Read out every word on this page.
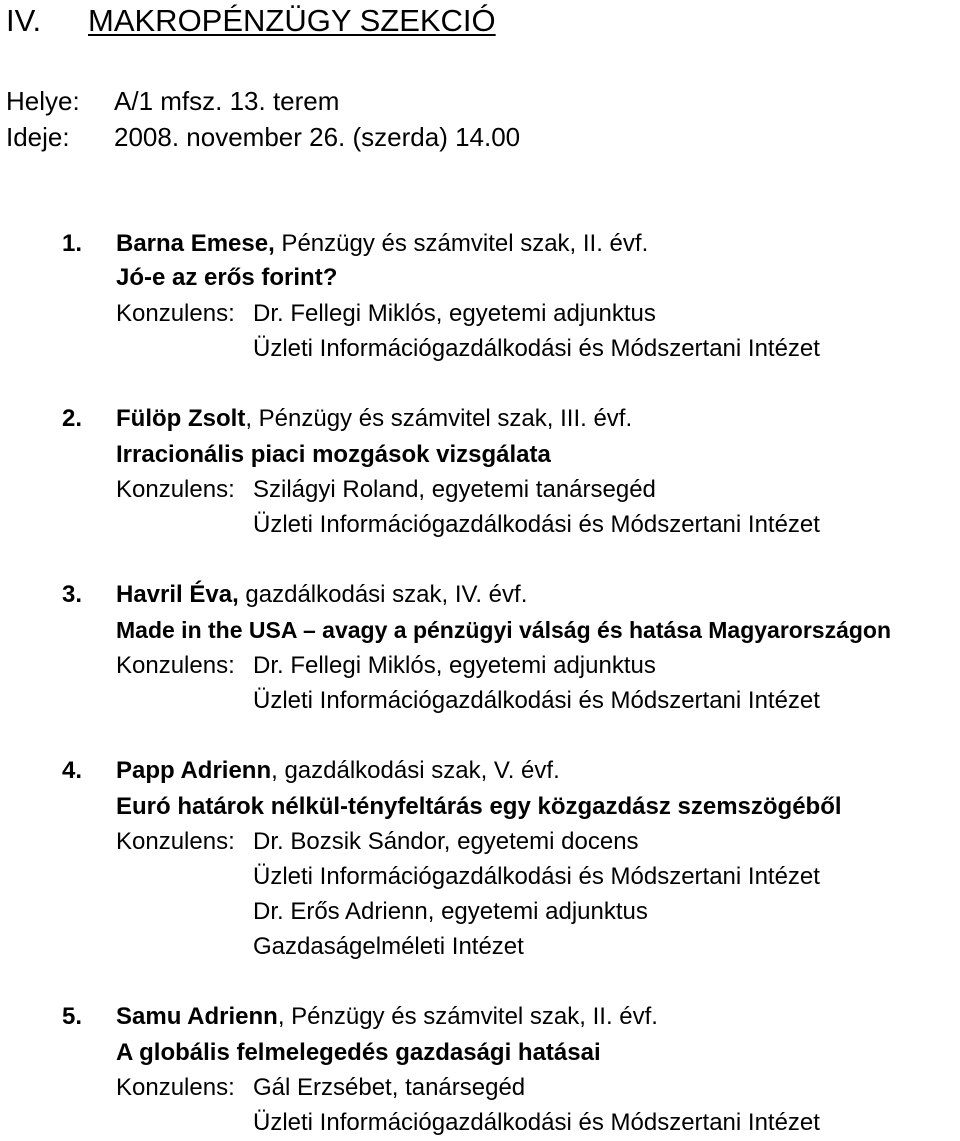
IV. MAKROPÉNZÜGY SZEKCIÓ
Helye: A/1 mfsz. 13. terem
Ideje: 2008. november 26. (szerda) 14.00
1. Barna Emese, Pénzügy és számvitel szak, II. évf.
Jó-e az erős forint?
Konzulens: Dr. Fellegi Miklós, egyetemi adjunktus
Üzleti Információgazdálkodási és Módszertani Intézet
2. Fülöp Zsolt, Pénzügy és számvitel szak, III. évf.
Irracionális piaci mozgások vizsgálata
Konzulens: Szilágyi Roland, egyetemi tanársegéd
Üzleti Információgazdálkodási és Módszertani Intézet
3. Havril Éva, gazdálkodási szak, IV. évf.
Made in the USA – avagy a pénzügyi válság és hatása Magyarországon
Konzulens: Dr. Fellegi Miklós, egyetemi adjunktus
Üzleti Információgazdálkodási és Módszertani Intézet
4. Papp Adrienn, gazdálkodási szak, V. évf.
Euró határok nélkül-tényfeltárás egy közgazdász szemszögéből
Konzulens: Dr. Bozsik Sándor, egyetemi docens
Üzleti Információgazdálkodási és Módszertani Intézet
Dr. Erős Adrienn, egyetemi adjunktus
Gazdaságelméleti Intézet
5. Samu Adrienn, Pénzügy és számvitel szak, II. évf.
A globális felmelegedés gazdasági hatásai
Konzulens: Gál Erzsébet, tanársegéd
Üzleti Információgazdálkodási és Módszertani Intézet
